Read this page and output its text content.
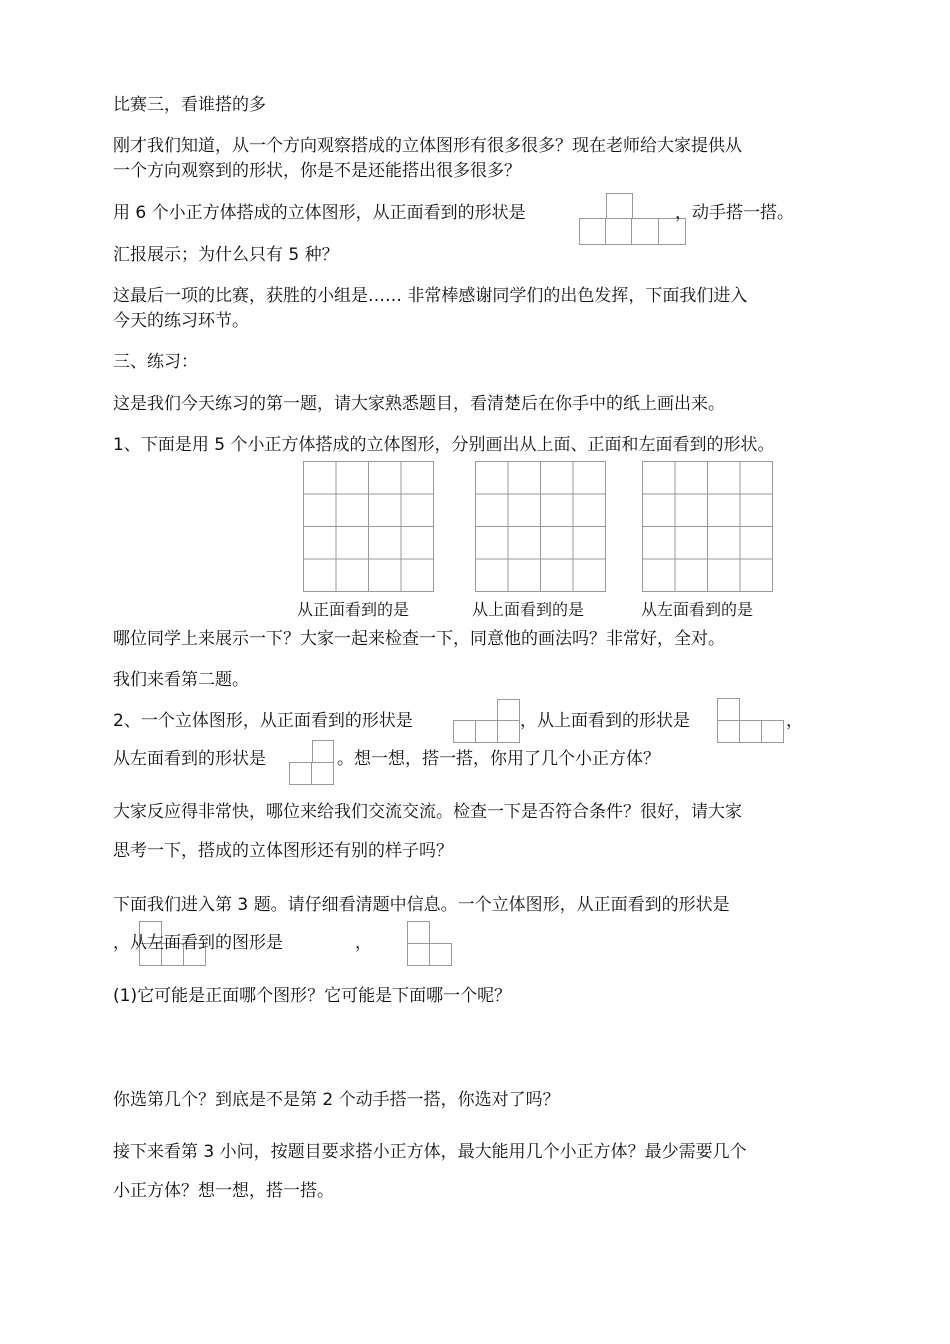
比赛三，看谁搭的多
刚才我们知道，从一个方向观察搭成的立体图形有很多很多？现在老师给大家提供从
一个方向观察到的形状，你是不是还能搭出很多很多？
用 6 个小正方体搭成的立体图形，从正面看到的形状是	，动手搭一搭。
汇报展示；为什么只有 5 种？
这最后一项的比赛，获胜的小组是…… 非常棒感谢同学们的出色发挥，下面我们进入
今天的练习环节。
三、练习：
这是我们今天练习的第一题，请大家熟悉题目，看清楚后在你手中的纸上画出来。
1、下面是用 5 个小正方体搭成的立体图形，分别画出从上面、正面和左面看到的形状。
从正面看到的是	从上面看到的是	从左面看到的是
哪位同学上来展示一下？大家一起来检查一下，同意他的画法吗？非常好，全对。
我们来看第二题。
2、一个立体图形，从正面看到的形状是	，从上面看到的形状是	，
从左面看到的形状是	。想一想，搭一搭，你用了几个小正方体？
大家反应得非常快，哪位来给我们交流交流。检查一下是否符合条件？很好，请大家
思考一下，搭成的立体图形还有别的样子吗？
下面我们进入第 3 题。请仔细看清题中信息。一个立体图形，从正面看到的形状是
，从左面看到的图形是	，
(1)它可能是正面哪个图形？它可能是下面哪一个呢？
你选第几个？到底是不是第 2 个动手搭一搭，你选对了吗？
接下来看第 3 小问，按题目要求搭小正方体，最大能用几个小正方体？最少需要几个
小正方体？想一想，搭一搭。
